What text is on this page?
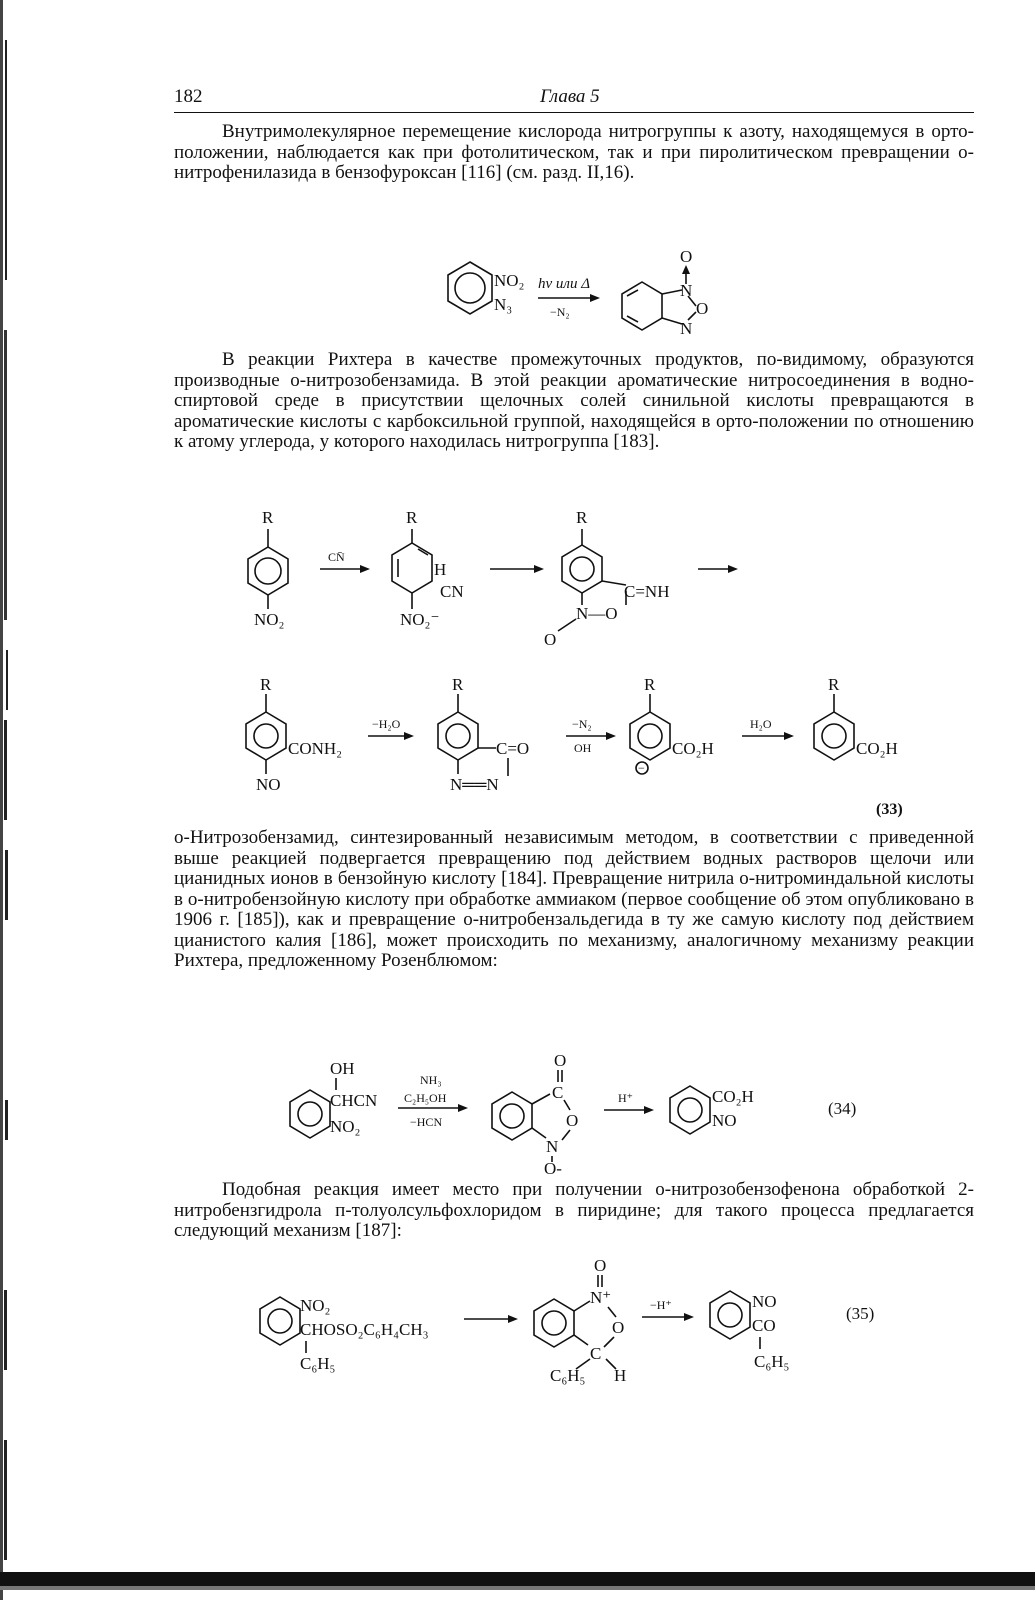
182	Глава 5

Внутримолекулярное перемещение кислорода нитрогруппы к азоту, находящемуся в орто-положении, наблюдается как при фотолитическом, так и при пиролитическом превращении о-нитрофенилазида в бензофуроксан [116] (см. разд. II,16).

NO₂
N₃
hν или Δ
−N₂
O
N
O
N

В реакции Рихтера в качестве промежуточных продуктов, по-видимому, образуются производные о-нитрозобензамида. В этой реакции ароматические нитросоединения в водно-спиртовой среде в присутствии щелочных солей синильной кислоты превращаются в ароматические кислоты с карбоксильной группой, находящейся в орто-положении по отношению к атому углерода, у которого находилась нитрогруппа [183].

R
NO₂
CN̄
R
H
CN
NO₂⁻
R
C=NH
N—O
O
R
CONH₂
NO
−H₂O
R
C=O
N══N
−N₂
OH
R
CO₂H
−
H₂O
R
CO₂H
(33)

о-Нитрозобензамид, синтезированный независимым методом, в соответствии с приведенной выше реакцией подвергается превращению под действием водных растворов щелочи или цианидных ионов в бензойную кислоту [184]. Превращение нитрила о-нитроминдальной кислоты в о-нитробензойную кислоту при обработке аммиаком (первое сообщение об этом опубликовано в 1906 г. [185]), как и превращение о-нитробензальдегида в ту же самую кислоту под действием цианистого калия [186], может происходить по механизму, аналогичному механизму реакции Рихтера, предложенному Розенблюмом:

OH
CHCN
NO₂
NH₃
C₂H₅OH
−HCN
O
C
O
N
O-
H⁺	CO₂H
NO
(34)

Подобная реакция имеет место при получении о-нитрозобензофенона обработкой 2-нитробензгидрола п-толуолсульфохлоридом в пиридине; для такого процесса предлагается следующий механизм [187]:

NO₂
CHOSO₂C₆H₄CH₃
C₆H₅
O
N⁺
O
C
C₆H₅ H
−H⁺	NO
CO
C₆H₅
(35)
